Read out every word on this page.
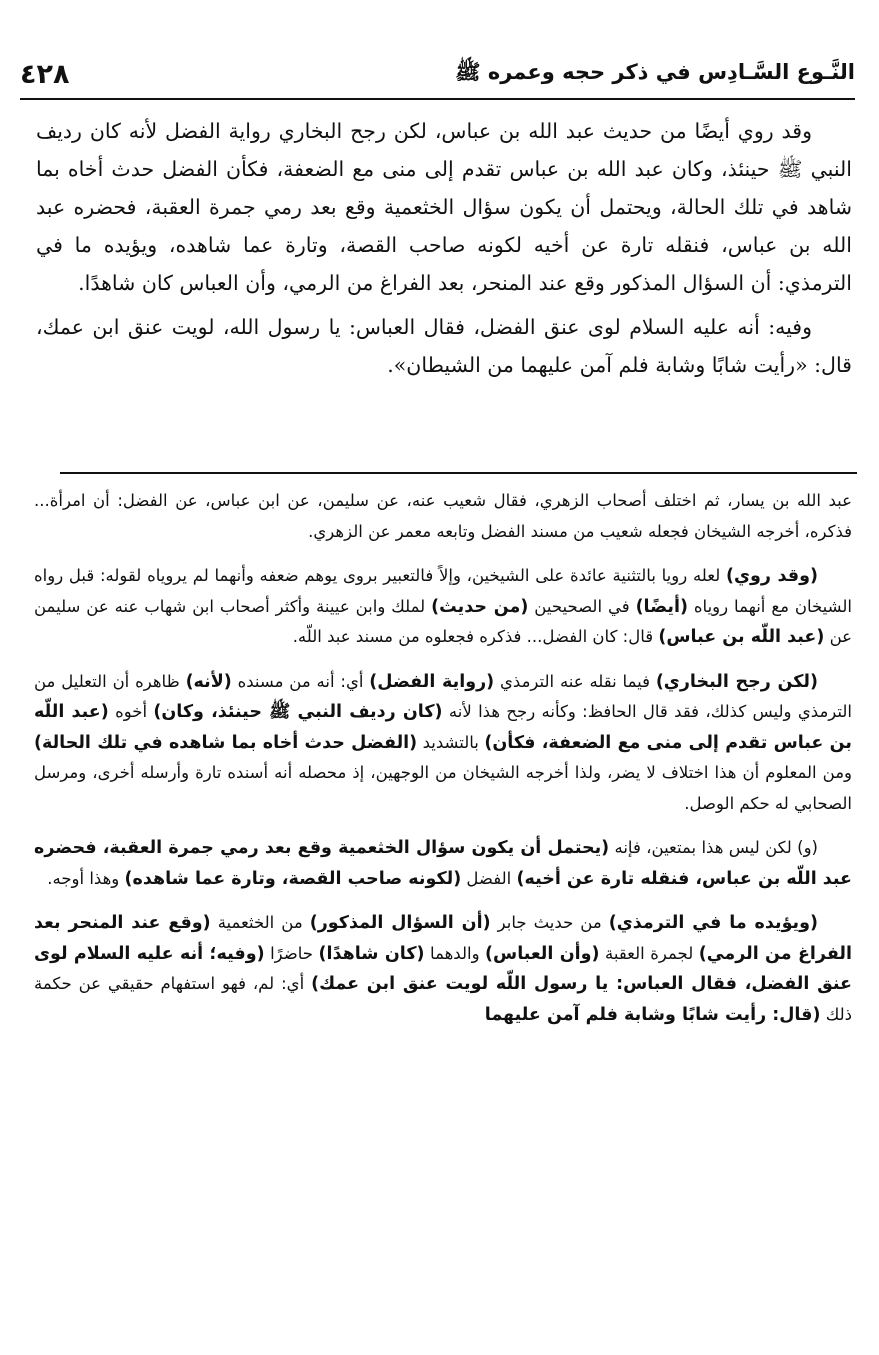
النَّـوع السَّـادِس في ذكر حجه وعمره ﷺ
٤٢٨

وقد روي أيضًا من حديث عبد الله بن عباس، لكن رجح البخاري رواية الفضل لأنه كان رديف النبي ﷺ حينئذ، وكان عبد الله بن عباس تقدم إلى منى مع الضعفة، فكأن الفضل حدث أخاه بما شاهد في تلك الحالة، ويحتمل أن يكون سؤال الخثعمية وقع بعد رمي جمرة العقبة، فحضره عبد الله بن عباس، فنقله تارة عن أخيه لكونه صاحب القصة، وتارة عما شاهده، ويؤيده ما في الترمذي: أن السؤال المذكور وقع عند المنحر، بعد الفراغ من الرمي، وأن العباس كان شاهدًا.

وفيه: أنه عليه السلام لوى عنق الفضل، فقال العباس: يا رسول الله، لويت عنق ابن عمك، قال: «رأيت شابًا وشابة فلم آمن عليهما من الشيطان».

عبد الله بن يسار، ثم اختلف أصحاب الزهري، فقال شعيب عنه، عن سليمن، عن ابن عباس، عن الفضل: أن امرأة... فذكره، أخرجه الشيخان فجعله شعيب من مسند الفضل وتابعه معمر عن الزهري.

(وقد روي) لعله رويا بالتثنية عائدة على الشيخين، وإلاً فالتعبير بروى يوهم ضعفه وأنهما لم يروياه لقوله: قبل رواه الشيخان مع أنهما روياه (أيضًا) في الصحيحين (من حديث) لملك وابن عيينة وأكثر أصحاب ابن شهاب عنه عن سليمن عن (عبد اللّه بن عباس) قال: كان الفضل... فذكره فجعلوه من مسند عبد اللّه.

(لكن رجح البخاري) فيما نقله عنه الترمذي (رواية الفضل) أي: أنه من مسنده (لأنه) ظاهره أن التعليل من الترمذي وليس كذلك، فقد قال الحافظ: وكأنه رجح هذا لأنه (كان رديف النبي ﷺ حينئذ، وكان) أخوه (عبد اللّه بن عباس تقدم إلى منى مع الضعفة، فكأن) بالتشديد (الفضل حدث أخاه بما شاهده في تلك الحالة) ومن المعلوم أن هذا اختلاف لا يضر، ولذا أخرجه الشيخان من الوجهين، إذ محصله أنه أسنده تارة وأرسله أخرى، ومرسل الصحابي له حكم الوصل.

(و) لكن ليس هذا بمتعين، فإنه (يحتمل أن يكون سؤال الخثعمية وقع بعد رمي جمرة العقبة، فحضره عبد اللّه بن عباس، فنقله تارة عن أخيه) الفضل (لكونه صاحب القصة، وتارة عما شاهده) وهذا أوجه.

(ويؤيده ما في الترمذي) من حديث جابر (أن السؤال المذكور) من الخثعمية (وقع عند المنحر بعد الفراغ من الرمي) لجمرة العقبة (وأن العباس) والدهما (كان شاهدًا) حاضرًا (وفيه؛ أنه عليه السلام لوى عنق الفضل، فقال العباس: يا رسول اللّه لويت عنق ابن عمك) أي: لم، فهو استفهام حقيقي عن حكمة ذلك (قال: رأيت شابًا وشابة فلم آمن عليهما
